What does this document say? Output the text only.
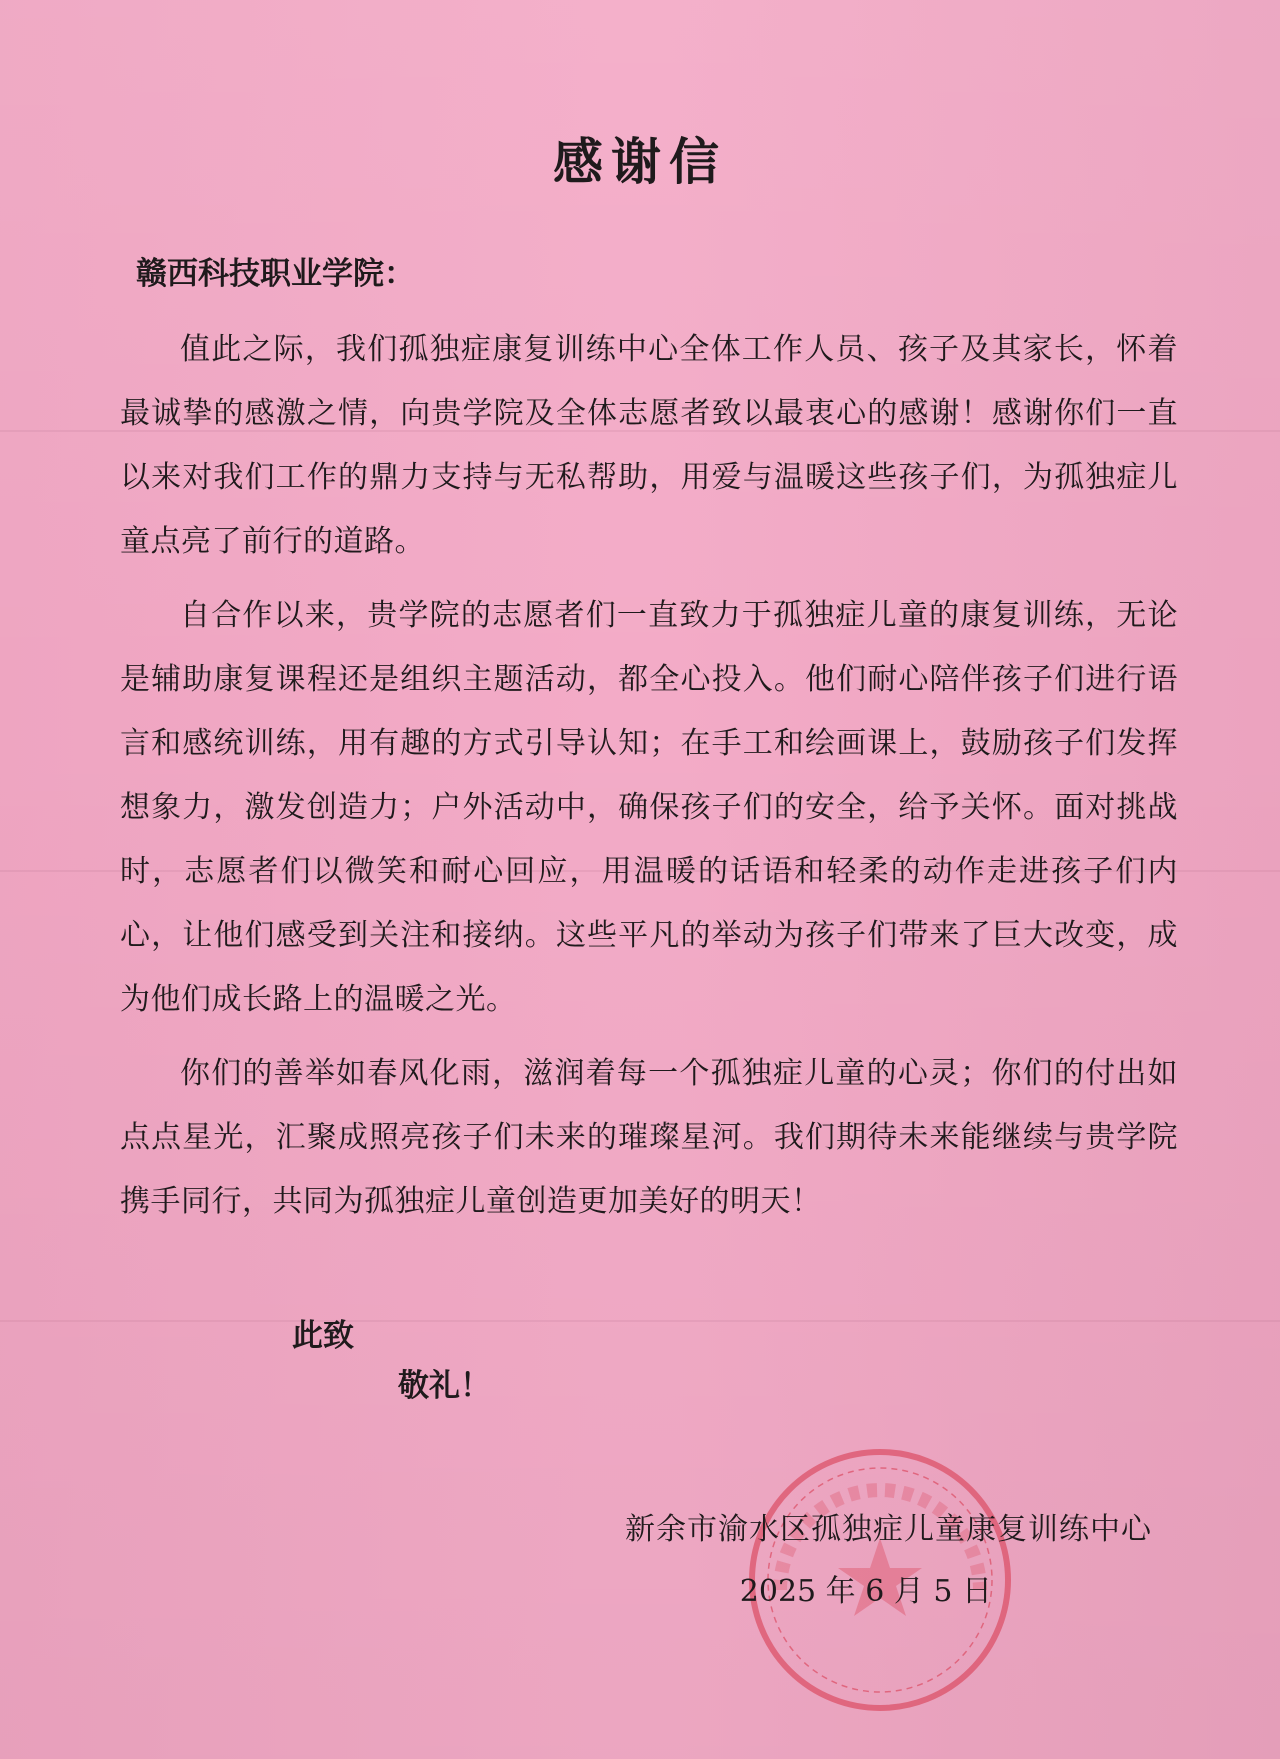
感谢信
赣西科技职业学院：

值此之际，我们孤独症康复训练中心全体工作人员、孩子及其家长，怀着最诚挚的感激之情，向贵学院及全体志愿者致以最衷心的感谢！感谢你们一直以来对我们工作的鼎力支持与无私帮助，用爱与温暖这些孩子们，为孤独症儿童点亮了前行的道路。

自合作以来，贵学院的志愿者们一直致力于孤独症儿童的康复训练，无论是辅助康复课程还是组织主题活动，都全心投入。他们耐心陪伴孩子们进行语言和感统训练，用有趣的方式引导认知；在手工和绘画课上，鼓励孩子们发挥想象力，激发创造力；户外活动中，确保孩子们的安全，给予关怀。面对挑战时，志愿者们以微笑和耐心回应，用温暖的话语和轻柔的动作走进孩子们内心，让他们感受到关注和接纳。这些平凡的举动为孩子们带来了巨大改变，成为他们成长路上的温暖之光。

你们的善举如春风化雨，滋润着每一个孤独症儿童的心灵；你们的付出如点点星光，汇聚成照亮孩子们未来的璀璨星河。我们期待未来能继续与贵学院携手同行，共同为孤独症儿童创造更加美好的明天！

此致
敬礼！
新余市渝水区孤独症儿童康复训练中心
2025 年 6 月 5 日
